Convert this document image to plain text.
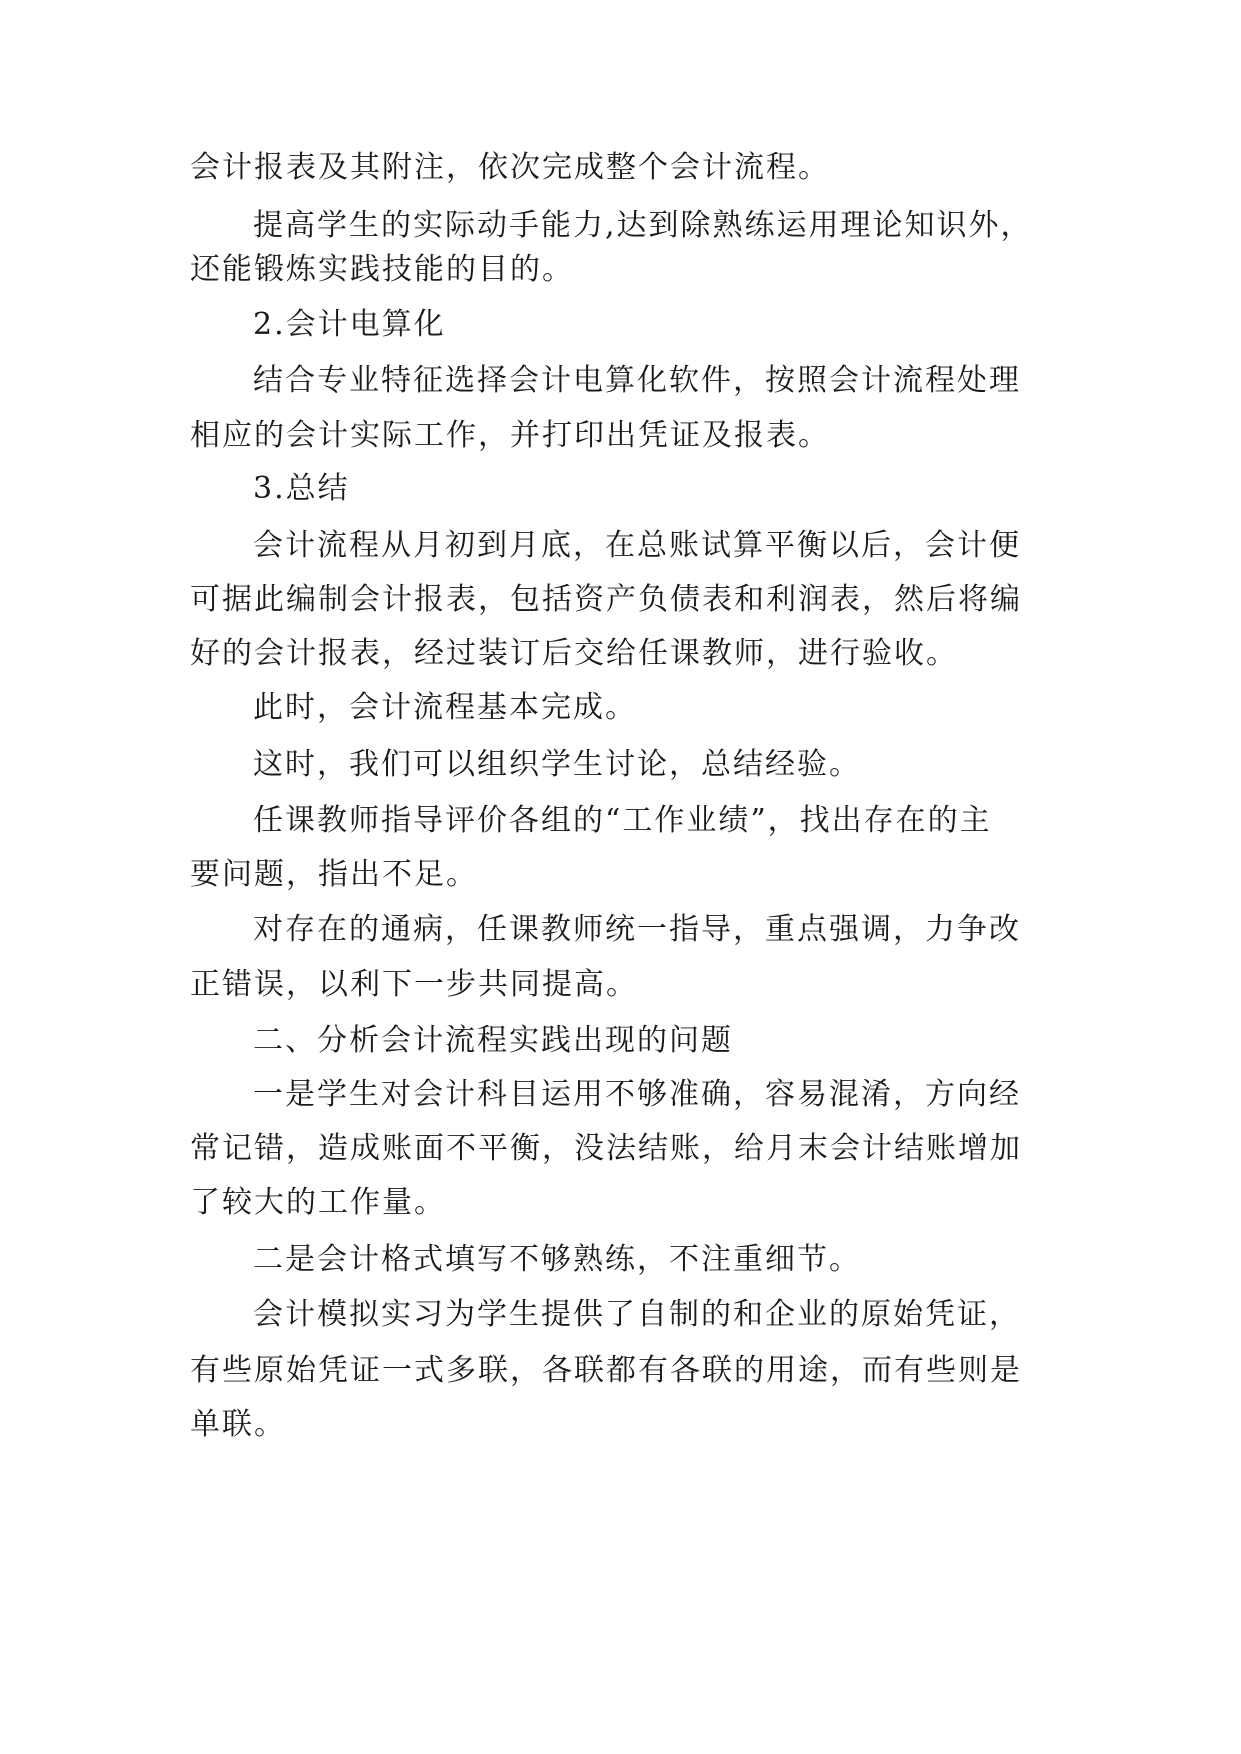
会计报表及其附注，依次完成整个会计流程。
提高学生的实际动手能力,达到除熟练运用理论知识外，
还能锻炼实践技能的目的。
2.会计电算化
结合专业特征选择会计电算化软件，按照会计流程处理
相应的会计实际工作，并打印出凭证及报表。
3.总结
会计流程从月初到月底，在总账试算平衡以后，会计便
可据此编制会计报表，包括资产负债表和利润表，然后将编
好的会计报表，经过装订后交给任课教师，进行验收。
此时，会计流程基本完成。
这时，我们可以组织学生讨论，总结经验。
任课教师指导评价各组的“工作业绩”，找出存在的主
要问题，指出不足。
对存在的通病，任课教师统一指导，重点强调，力争改
正错误，以利下一步共同提高。
二、分析会计流程实践出现的问题
一是学生对会计科目运用不够准确，容易混淆，方向经
常记错，造成账面不平衡，没法结账，给月末会计结账增加
了较大的工作量。
二是会计格式填写不够熟练，不注重细节。
会计模拟实习为学生提供了自制的和企业的原始凭证，
有些原始凭证一式多联，各联都有各联的用途，而有些则是
单联。
